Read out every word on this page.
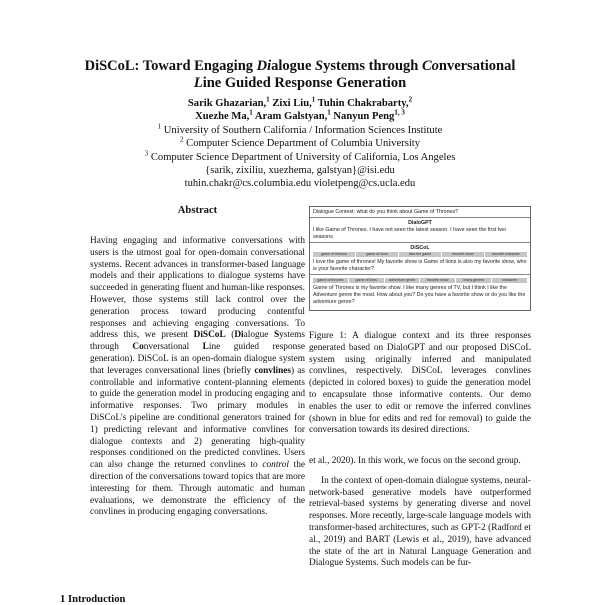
DiSCoL: Toward Engaging Dialogue Systems through Conversational
Line Guided Response Generation
Sarik Ghazarian,$^1$ Zixi Liu,$^1$ Tuhin Chakrabarty,$^2$
Xuezhe Ma,$^1$ Aram Galstyan,$^1$ Nanyun Peng$^{1, 3}$
$^1$ University of Southern California / Information Sciences Institute
$^2$ Computer Science Department of Columbia University
$^3$ Computer Science Department of University of California, Los Angeles
{sarik, zixiliu, xuezhema, galstyan}@isi.edu
tuhin.chakr@cs.columbia.edu violetpeng@cs.ucla.edu
Abstract

Having engaging and informative conversations with users is the utmost goal for open-domain conversational systems. Recent advances in transformer-based language models and their applications to dialogue systems have succeeded in generating fluent and human-like responses. However, those systems still lack control over the generation process toward producing contentful responses and achieving engaging conversations. To address this, we present DiSCoL (Dialogue Systems through Conversational Line guided response generation). DiSCoL is an open-domain dialogue system that leverages conversational lines (briefly convlines) as controllable and informative content-planning elements to guide the generation model in producing engaging and informative responses. Two primary modules in DiSCoL's pipeline are conditional generators trained for 1) predicting relevant and informative convlines for dialogue contexts and 2) generating high-quality responses conditioned on the predicted convlines. Users can also change the returned convlines to control the direction of the conversations toward topics that are more interesting for them. Through automatic and human evaluations, we demonstrate the efficiency of the convlines in producing engaging conversations.

1 Introduction
Dialogue Context: what do you think about Game of Thrones?
DialoGPT
I like Game of Thrones. I have not seen the latest season. I have seen the first two seasons.
DiSCoL
game of thrones	game of lions	also the game	favorite show	favorite character
I love the game of thrones! My favorite show is Game of lions is also my favorite show, who is your favorite character?
game of thrones	game of lions	adventure genre	favorite show	many genres	character
Game of Thrones is my favorite show. I like many genres of TV, but I think I like the Adventure genre the most. How about you? Do you have a favorite show or do you like the adventure genre?

Figure 1: A dialogue context and its three responses generated based on DialoGPT and our proposed DiSCoL system using originally inferred and manipulated convlines, respectively. DiSCoL leverages convlines (depicted in colored boxes) to guide the generation model to encapsulate those informative contents. Our demo enables the user to edit or remove the inferred convlines (shown in blue for edits and red for removal) to guide the conversation towards its desired directions.

et al., 2020). In this work, we focus on the second group.

In the context of open-domain dialogue systems, neural-network-based generative models have outperformed retrieval-based systems by generating diverse and novel responses. More recently, large-scale language models with transformer-based architectures, such as GPT-2 (Radford et al., 2019) and BART (Lewis et al., 2019), have advanced the state of the art in Natural Language Generation and Dialogue Systems. Such models can be fur-
